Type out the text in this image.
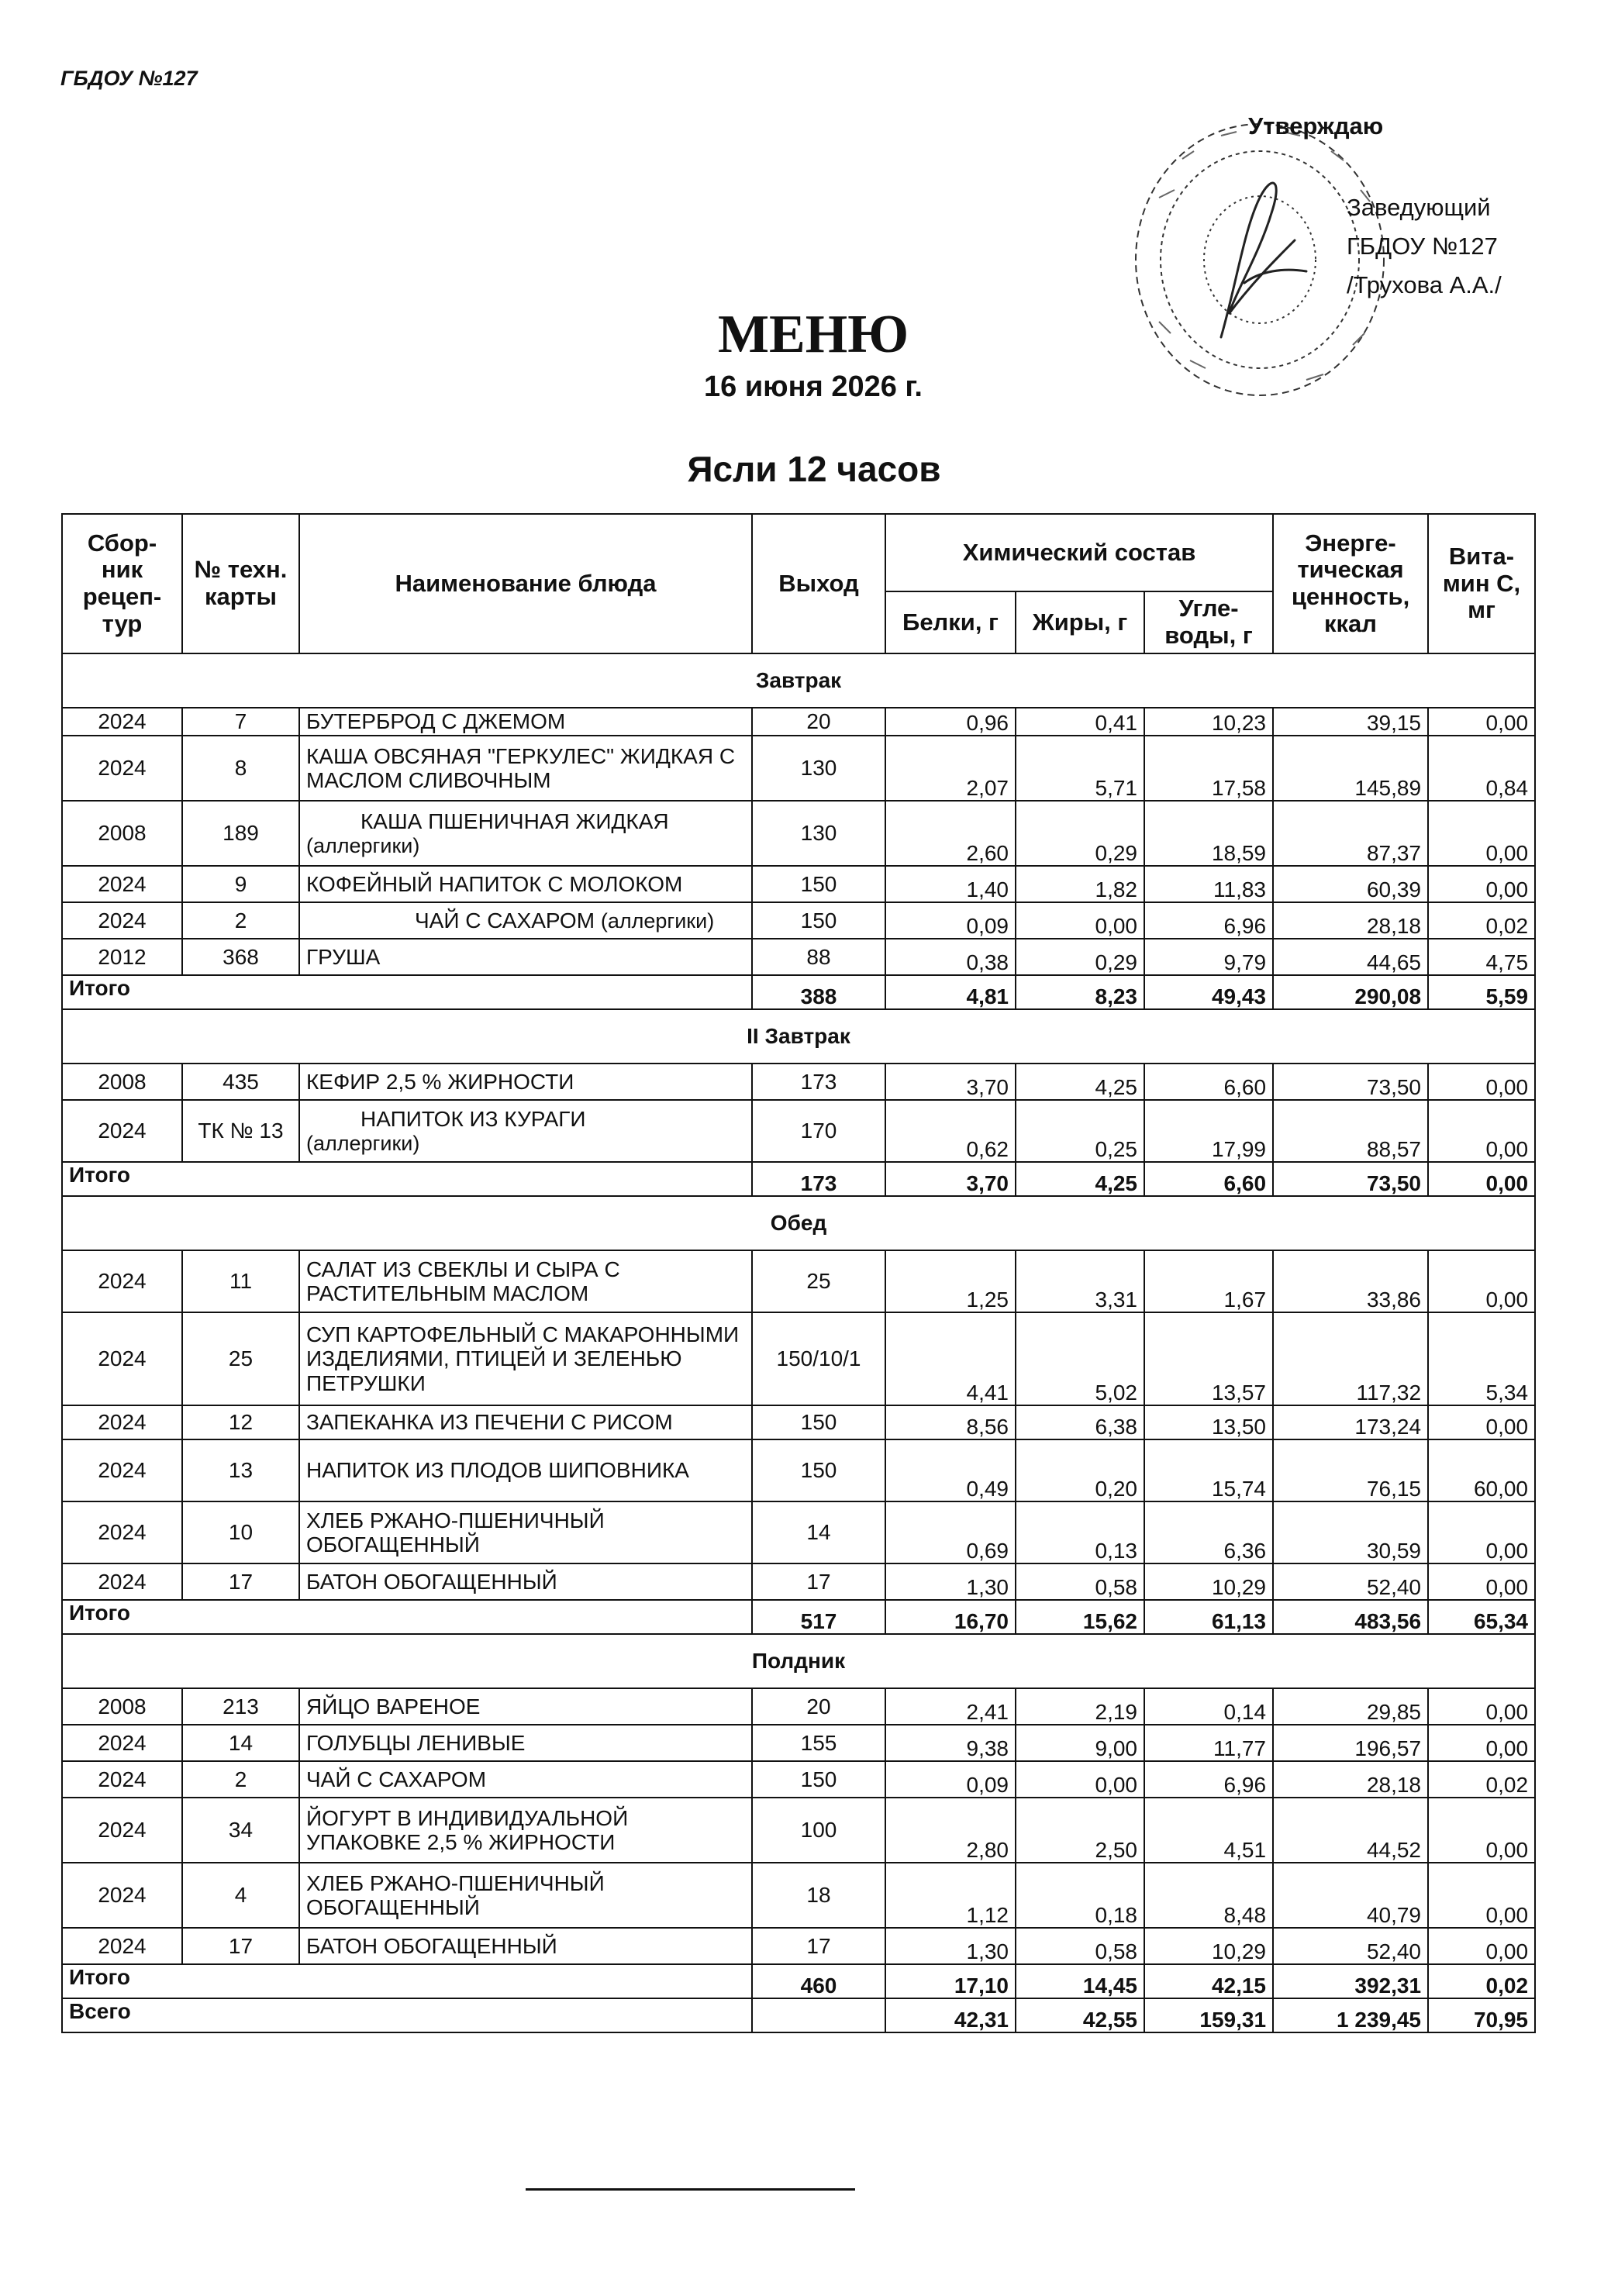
ГБДОУ №127
Утверждаю
Заведующий
ГБДОУ №127
/Трухова А.А./
МЕНЮ
16 июня 2026 г.
Ясли 12 часов
Сбор-ник рецеп-тур	№ техн. карты	Наименование блюда	Выход	Химический состав			Энерге-тическая ценность, ккал	Вита-мин С, мг
				Белки, г	Жиры, г	Угле-воды, г		
Завтрак								
2024	7	БУТЕРБРОД С ДЖЕМОМ	20	0,96	0,41	10,23	39,15	0,00
2024	8	КАША ОВСЯНАЯ "ГЕРКУЛЕС" ЖИДКАЯ С МАСЛОМ СЛИВОЧНЫМ	130	2,07	5,71	17,58	145,89	0,84
2008	189	КАША ПШЕНИЧНАЯ ЖИДКАЯ
(аллергики)	130	2,60	0,29	18,59	87,37	0,00
2024	9	КОФЕЙНЫЙ НАПИТОК С МОЛОКОМ	150	1,40	1,82	11,83	60,39	0,00
2024	2	ЧАЙ С САХАРОМ (аллергики)	150	0,09	0,00	6,96	28,18	0,02
2012	368	ГРУША	88	0,38	0,29	9,79	44,65	4,75
Итого			388	4,81	8,23	49,43	290,08	5,59
II Завтрак								
2008	435	КЕФИР 2,5 % ЖИРНОСТИ	173	3,70	4,25	6,60	73,50	0,00
2024	ТК № 13	НАПИТОК ИЗ КУРАГИ
(аллергики)	170	0,62	0,25	17,99	88,57	0,00
Итого			173	3,70	4,25	6,60	73,50	0,00
Обед								
2024	11	САЛАТ ИЗ СВЕКЛЫ И СЫРА С РАСТИТЕЛЬНЫМ МАСЛОМ	25	1,25	3,31	1,67	33,86	0,00
2024	25	СУП КАРТОФЕЛЬНЫЙ С МАКАРОННЫМИ ИЗДЕЛИЯМИ, ПТИЦЕЙ И ЗЕЛЕНЬЮ ПЕТРУШКИ	150/10/1	4,41	5,02	13,57	117,32	5,34
2024	12	ЗАПЕКАНКА ИЗ ПЕЧЕНИ С РИСОМ	150	8,56	6,38	13,50	173,24	0,00
2024	13	НАПИТОК ИЗ ПЛОДОВ ШИПОВНИКА	150	0,49	0,20	15,74	76,15	60,00
2024	10	ХЛЕБ РЖАНО-ПШЕНИЧНЫЙ ОБОГАЩЕННЫЙ	14	0,69	0,13	6,36	30,59	0,00
2024	17	БАТОН ОБОГАЩЕННЫЙ	17	1,30	0,58	10,29	52,40	0,00
Итого			517	16,70	15,62	61,13	483,56	65,34
Полдник								
2008	213	ЯЙЦО ВАРЕНОЕ	20	2,41	2,19	0,14	29,85	0,00
2024	14	ГОЛУБЦЫ ЛЕНИВЫЕ	155	9,38	9,00	11,77	196,57	0,00
2024	2	ЧАЙ С САХАРОМ	150	0,09	0,00	6,96	28,18	0,02
2024	34	ЙОГУРТ В ИНДИВИДУАЛЬНОЙ УПАКОВКЕ 2,5 % ЖИРНОСТИ	100	2,80	2,50	4,51	44,52	0,00
2024	4	ХЛЕБ РЖАНО-ПШЕНИЧНЫЙ ОБОГАЩЕННЫЙ	18	1,12	0,18	8,48	40,79	0,00
2024	17	БАТОН ОБОГАЩЕННЫЙ	17	1,30	0,58	10,29	52,40	0,00
Итого			460	17,10	14,45	42,15	392,31	0,02
Всего				42,31	42,55	159,31	1 239,45	70,95
